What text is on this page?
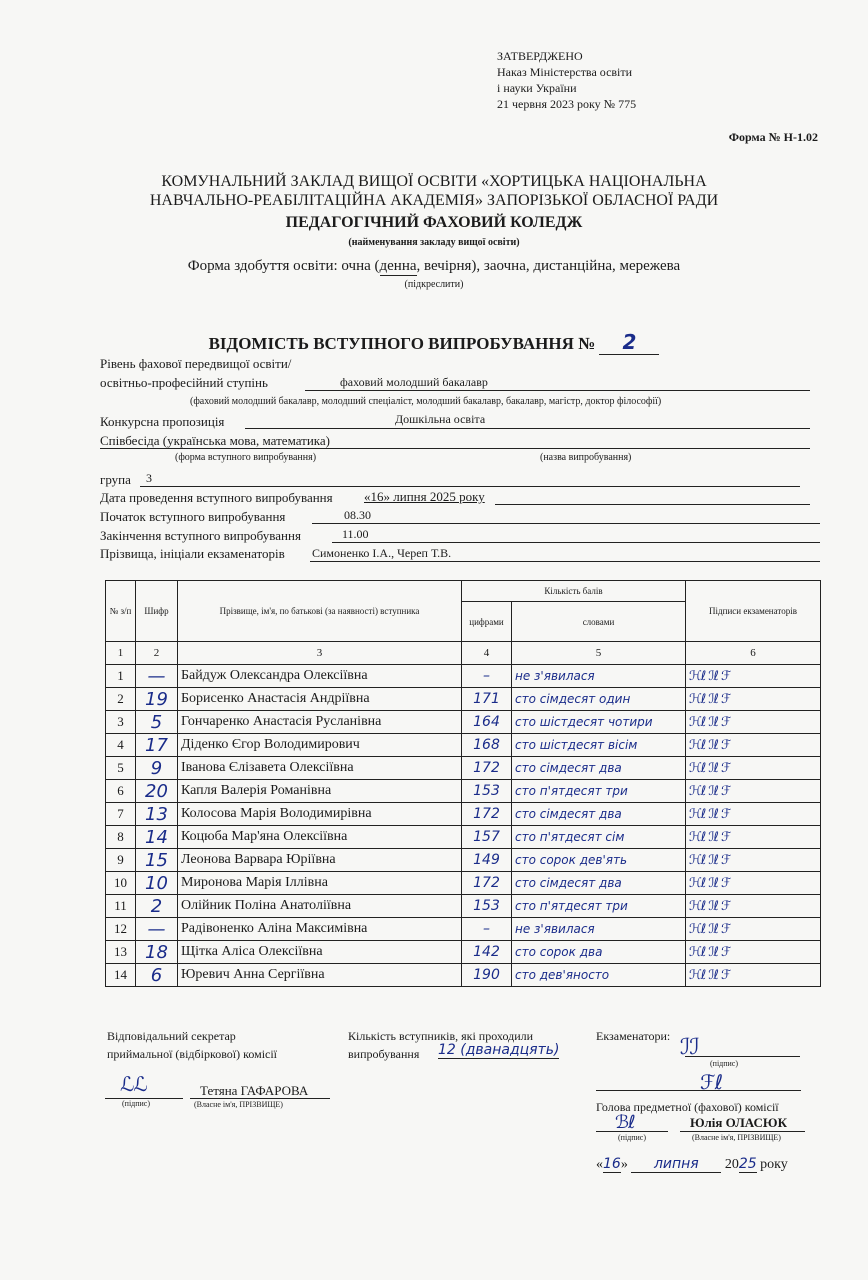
ЗАТВЕРДЖЕНО
Наказ Міністерства освіти
і науки України
21 червня 2023 року № 775
Форма № Н-1.02
КОМУНАЛЬНИЙ ЗАКЛАД ВИЩОЇ ОСВІТИ «ХОРТИЦЬКА НАЦІОНАЛЬНА
НАВЧАЛЬНО-РЕАБІЛІТАЦІЙНА АКАДЕМІЯ» ЗАПОРІЗЬКОЇ ОБЛАСНОЇ РАДИ
ПЕДАГОГІЧНИЙ ФАХОВИЙ КОЛЕДЖ
(найменування закладу вищої освіти)
Форма здобуття освіти: очна (денна, вечірня), заочна, дистанційна, мережева
(підкреслити)
ВІДОМІСТЬ ВСТУПНОГО ВИПРОБУВАННЯ № 2
Рівень фахової передвищої освіти/
освітньо-професійний ступінь	фаховий молодший бакалавр
(фаховий молодший бакалавр, молодший спеціаліст, молодший бакалавр, бакалавр, магістр, доктор філософії)
Конкурсна пропозиція	Дошкільна освіта
Співбесіда (українська мова, математика)
(форма вступного випробування)	(назва випробування)
група 3
Дата проведення вступного випробування «16» липня 2025 року
Початок вступного випробування	08.30
Закінчення вступного випробування	11.00
Прізвища, ініціали екзаменаторів Симоненко І.А., Череп Т.В.
№ з/п	Шифр	Прізвище, ім'я, по батькові (за наявності) вступника	Кількість балів		Підписи екзаменаторів
			цифрами	словами	
1	2	3	4	5	6
1	—	Байдуж Олександра Олексіївна	–	не з'явилася	ℋℓ ℐℓ ℱ
2	19	Борисенко Анастасія Андріївна	171	сто сімдесят один	ℋℓ ℐℓ ℱ
3	5	Гончаренко Анастасія Русланівна	164	сто шістдесят чотири	ℋℓ ℐℓ ℱ
4	17	Діденко Єгор Володимирович	168	сто шістдесят вісім	ℋℓ ℐℓ ℱ
5	9	Іванова Єлізавета Олексіївна	172	сто сімдесят два	ℋℓ ℐℓ ℱ
6	20	Капля Валерія Романівна	153	сто п'ятдесят три	ℋℓ ℐℓ ℱ
7	13	Колосова Марія Володимирівна	172	сто сімдесят два	ℋℓ ℐℓ ℱ
8	14	Коцюба Мар'яна Олексіївна	157	сто п'ятдесят сім	ℋℓ ℐℓ ℱ
9	15	Леонова Варвара Юріївна	149	сто сорок дев'ять	ℋℓ ℐℓ ℱ
10	10	Миронова Марія Іллівна	172	сто сімдесят два	ℋℓ ℐℓ ℱ
11	2	Олійник Поліна Анатоліївна	153	сто п'ятдесят три	ℋℓ ℐℓ ℱ
12	—	Радівоненко Аліна Максимівна	–	не з'явилася	ℋℓ ℐℓ ℱ
13	18	Щітка Аліса Олексіївна	142	сто сорок два	ℋℓ ℐℓ ℱ
14	6	Юревич Анна Сергіївна	190	сто дев'яносто	ℋℓ ℐℓ ℱ
Відповідальний секретар
приймальної (відбіркової) комісії
ℒℒ
(підпис)
Тетяна ГАФАРОВА
(Власне ім'я, ПРІЗВИЩЕ)
Кількість вступників, які проходили
випробування 12 (дванадцять)
Екзаменатори: ℐℐ
(підпис)
ℱℓ
Голова предметної (фахової) комісії
ℬℓ
(підпис)
Юлія ОЛАСЮК
(Власне ім'я, ПРІЗВИЩЕ)
«16» липня 2025 року
